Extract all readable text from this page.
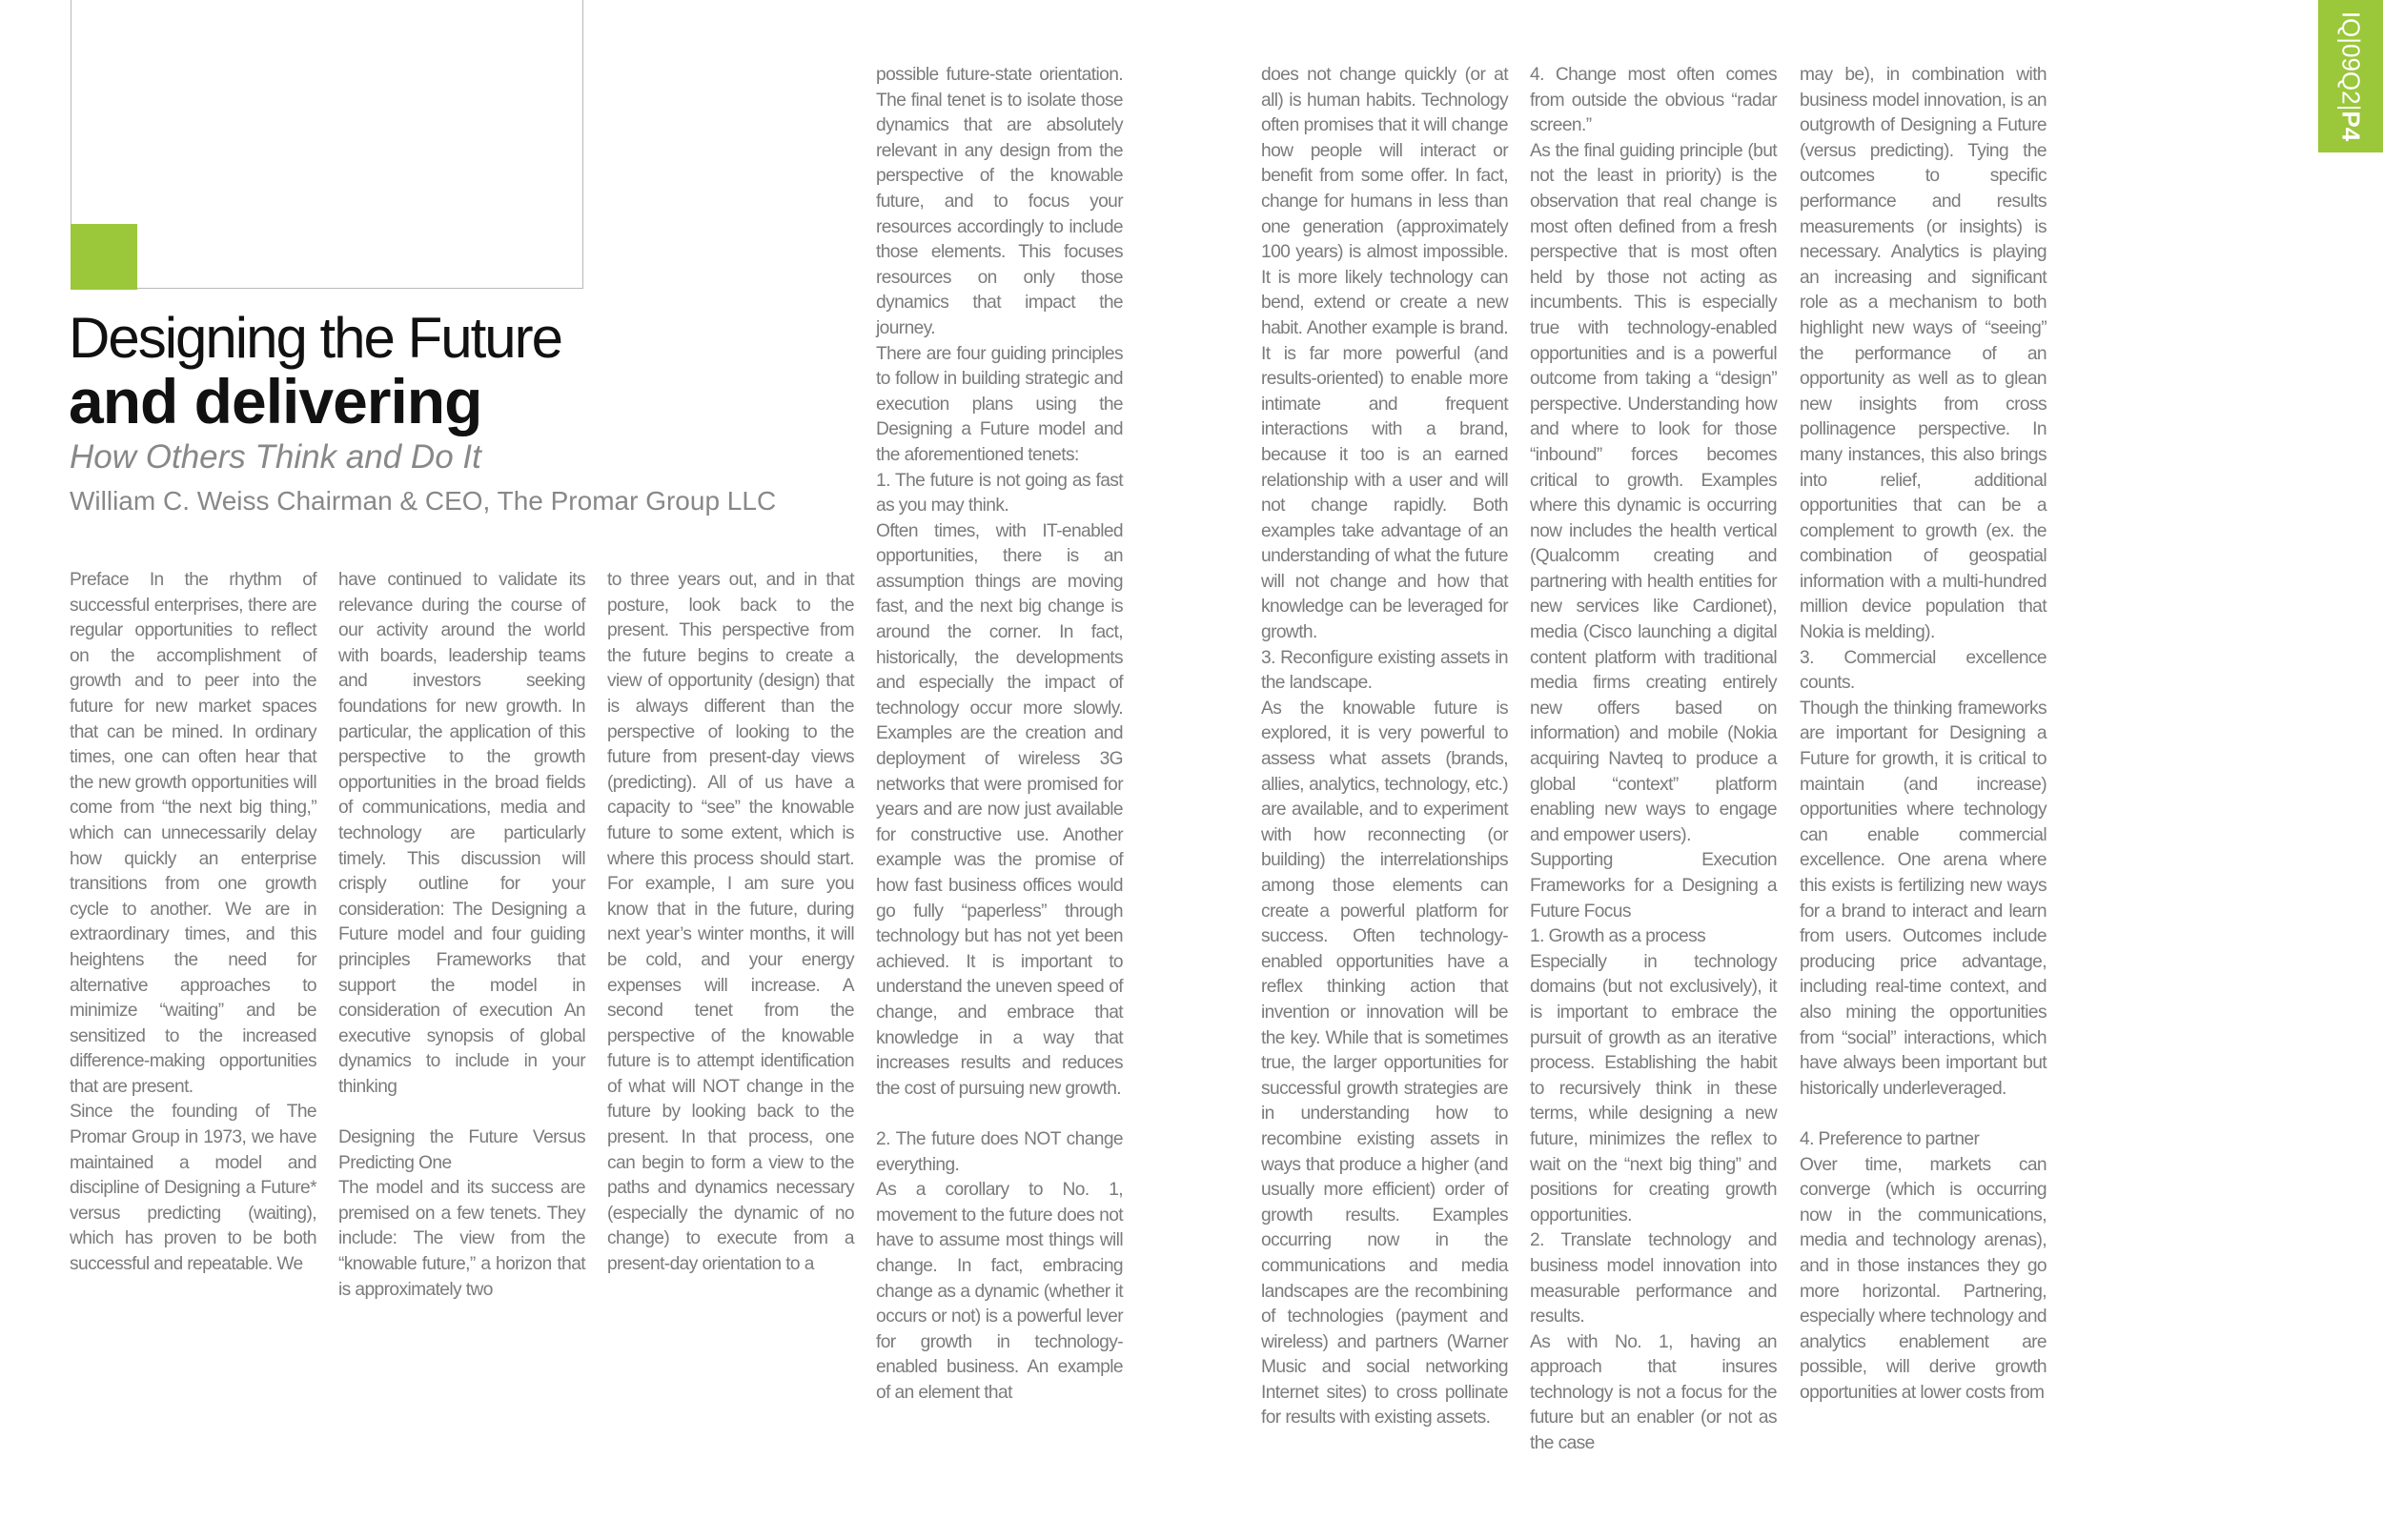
Designing the Future
and delivering
How Others Think and Do It
William C. Weiss Chairman & CEO, The Promar Group LLC

Preface In the rhythm of successful enterprises, there are regular opportunities to reflect on the accomplishment of growth and to peer into the future for new market spaces that can be mined. In ordinary times, one can often hear that the new growth opportunities will come from “the next big thing,” which can unnecessarily delay how quickly an enterprise transitions from one growth cycle to another. We are in extraordinary times, and this heightens the need for alternative approaches to minimize “waiting” and be sensitized to the increased difference-making opportunities that are present.

Since the founding of The Promar Group in 1973, we have maintained a model and discipline of Designing a Future* versus predicting (waiting), which has proven to be both successful and repeatable. We

have continued to validate its relevance during the course of our activity around the world with boards, leadership teams and investors seeking foundations for new growth. In particular, the application of this perspective to the growth opportunities in the broad fields of communications, media and technology are particularly timely. This discussion will crisply outline for your consideration: The Designing a Future model and four guiding principles Frameworks that support the model in consideration of execution An executive synopsis of global dynamics to include in your thinking

Designing the Future Versus Predicting One

The model and its success are premised on a few tenets. They include: The view from the “knowable future,” a horizon that is approximately two

to three years out, and in that posture, look back to the present. This perspective from the future begins to create a view of opportunity (design) that is always different than the perspective of looking to the future from present-day views (predicting). All of us have a capacity to “see” the knowable future to some extent, which is where this process should start. For example, I am sure you know that in the future, during next year’s winter months, it will be cold, and your energy expenses will increase. A second tenet from the perspective of the knowable future is to attempt identification of what will NOT change in the future by looking back to the present. In that process, one can begin to form a view to the paths and dynamics necessary (especially the dynamic of no change) to execute from a present-day orientation to a

possible future-state orientation. The final tenet is to isolate those dynamics that are absolutely relevant in any design from the perspective of the knowable future, and to focus your resources accordingly to include those elements. This focuses resources on only those dynamics that impact the journey.

There are four guiding principles to follow in building strategic and execution plans using the Designing a Future model and the aforementioned tenets:

1. The future is not going as fast as you may think.

Often times, with IT-enabled opportunities, there is an assumption things are moving fast, and the next big change is around the corner. In fact, historically, the developments and especially the impact of technology occur more slowly. Examples are the creation and deployment of wireless 3G networks that were promised for years and are now just available for constructive use. Another example was the promise of how fast business offices would go fully “paperless” through technology but has not yet been achieved. It is important to understand the uneven speed of change, and embrace that knowledge in a way that increases results and reduces the cost of pursuing new growth.

2. The future does NOT change everything.

As a corollary to No. 1, movement to the future does not have to assume most things will change. In fact, embracing change as a dynamic (whether it occurs or not) is a powerful lever for growth in technology-enabled business. An example of an element that

does not change quickly (or at all) is human habits. Technology often promises that it will change how people will interact or benefit from some offer. In fact, change for humans in less than one generation (approximately 100 years) is almost impossible. It is more likely technology can bend, extend or create a new habit. Another example is brand. It is far more powerful (and results-oriented) to enable more intimate and frequent interactions with a brand, because it too is an earned relationship with a user and will not change rapidly. Both examples take advantage of an understanding of what the future will not change and how that knowledge can be leveraged for growth.

3. Reconfigure existing assets in the landscape.

As the knowable future is explored, it is very powerful to assess what assets (brands, allies, analytics, technology, etc.) are available, and to experiment with how reconnecting (or building) the interrelationships among those elements can create a powerful platform for success. Often technology-enabled opportunities have a reflex thinking action that invention or innovation will be the key. While that is sometimes true, the larger opportunities for successful growth strategies are in understanding how to recombine existing assets in ways that produce a higher (and usually more efficient) order of growth results. Examples occurring now in the communications and media landscapes are the recombining of technologies (payment and wireless) and partners (Warner Music and social networking Internet sites) to cross pollinate for results with existing assets.

4. Change most often comes from outside the obvious “radar screen.”

As the final guiding principle (but not the least in priority) is the observation that real change is most often defined from a fresh perspective that is most often held by those not acting as incumbents. This is especially true with technology-enabled opportunities and is a powerful outcome from taking a “design” perspective. Understanding how and where to look for those “inbound” forces becomes critical to growth. Examples where this dynamic is occurring now includes the health vertical (Qualcomm creating and partnering with health entities for new services like Cardionet), media (Cisco launching a digital content platform with traditional media firms creating entirely new offers based on information) and mobile (Nokia acquiring Navteq to produce a global “context” platform enabling new ways to engage and empower users).

Supporting Execution Frameworks for a Designing a Future Focus

1. Growth as a process

Especially in technology domains (but not exclusively), it is important to embrace the pursuit of growth as an iterative process. Establishing the habit to recursively think in these terms, while designing a new future, minimizes the reflex to wait on the “next big thing” and positions for creating growth opportunities.

2. Translate technology and business model innovation into measurable performance and results.

As with No. 1, having an approach that insures technology is not a focus for the future but an enabler (or not as the case

may be), in combination with business model innovation, is an outgrowth of Designing a Future (versus predicting). Tying the outcomes to specific performance and results measurements (or insights) is necessary. Analytics is playing an increasing and significant role as a mechanism to both highlight new ways of “seeing” the performance of an opportunity as well as to glean new insights from cross pollinagence perspective. In many instances, this also brings into relief, additional opportunities that can be a complement to growth (ex. the combination of geospatial information with a multi-hundred million device population that Nokia is melding).

3. Commercial excellence counts.

Though the thinking frameworks are important for Designing a Future for growth, it is critical to maintain (and increase) opportunities where technology can enable commercial excellence. One arena where this exists is fertilizing new ways for a brand to interact and learn from users. Outcomes include producing price advantage, including real-time context, and also mining the opportunities from “social” interactions, which have always been important but historically underleveraged.

4. Preference to partner

Over time, markets can converge (which is occurring now in the communications, media and technology arenas), and in those instances they go more horizontal. Partnering, especially where technology and analytics enablement are possible, will derive growth opportunities at lower costs from

IQ|09Q2|P4
